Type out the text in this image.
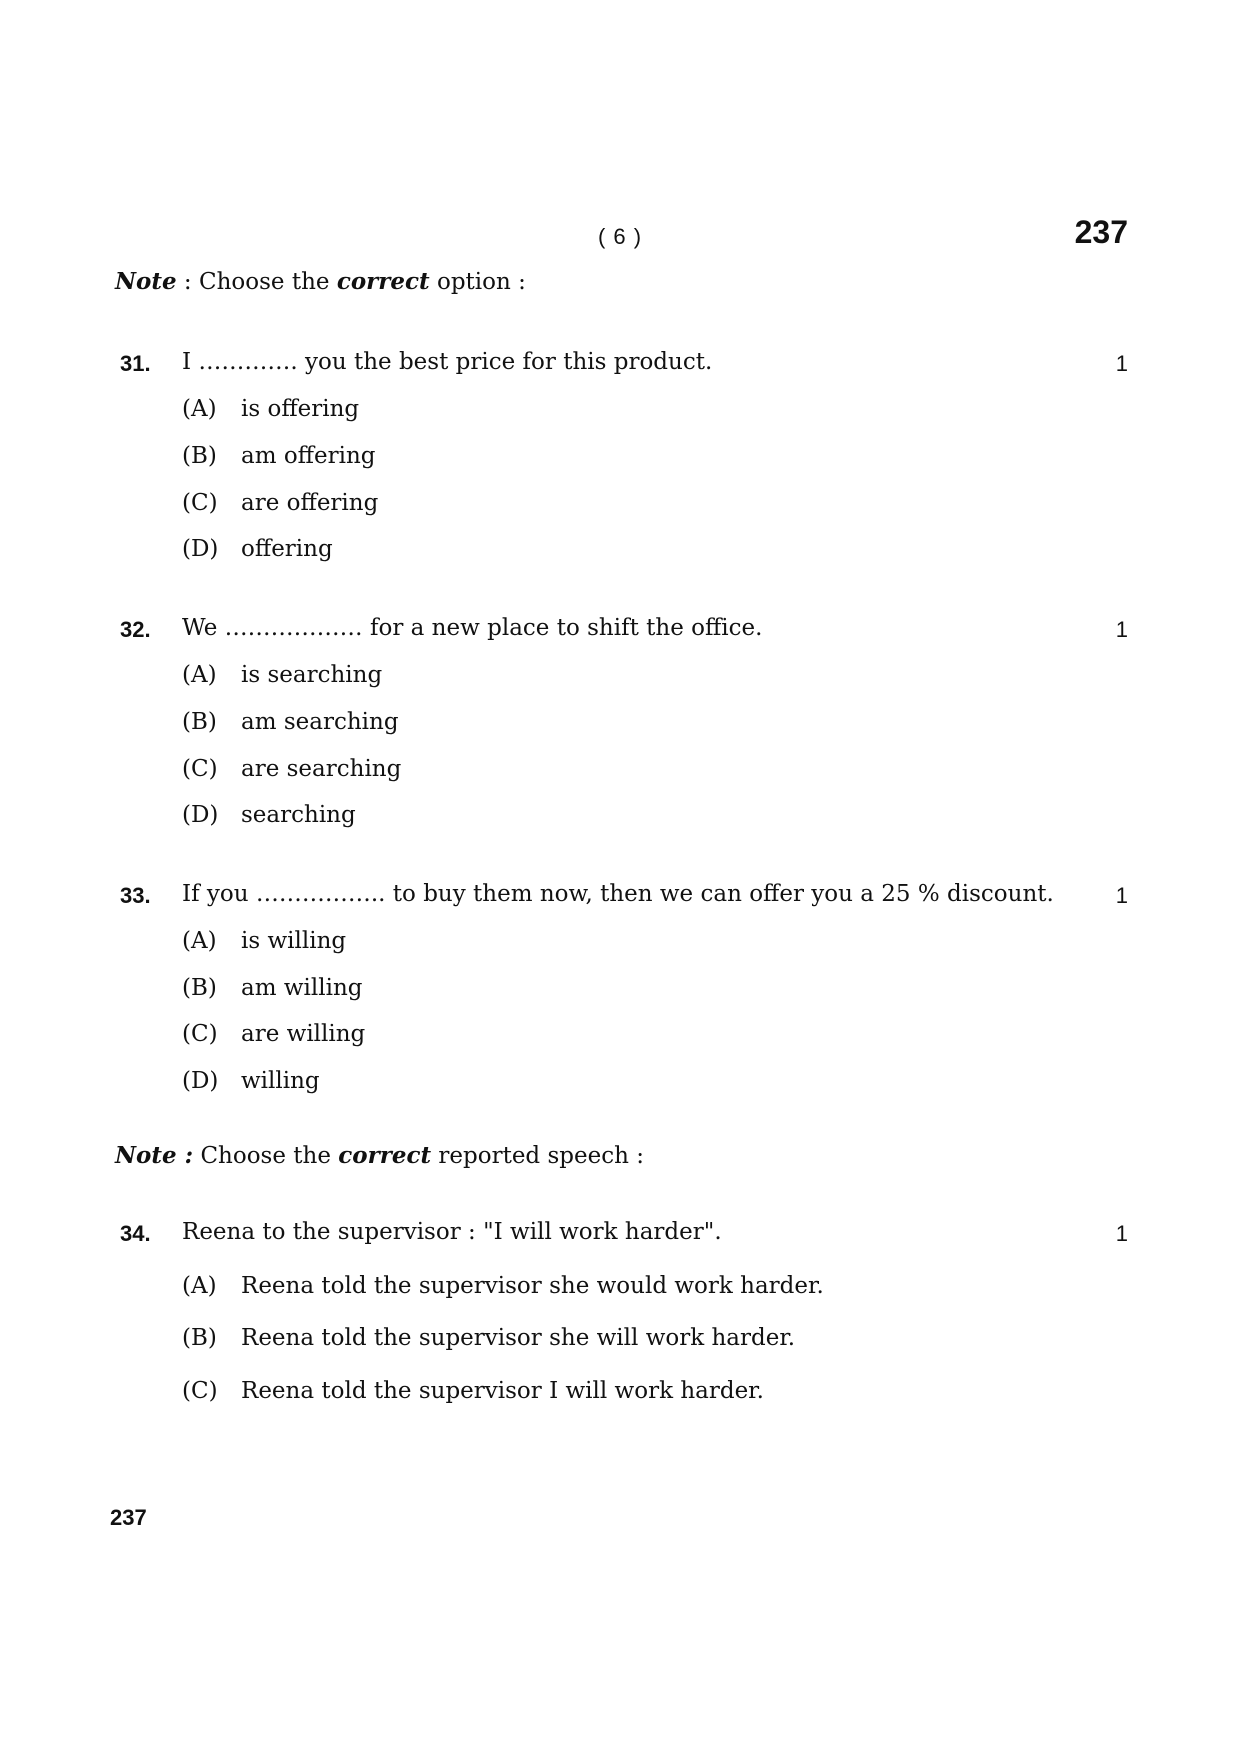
( 6 )	237
Note : Choose the correct option :
31. I …………. you the best price for this product.	1
(A) is offering
(B) am offering
(C) are offering
(D) offering
32. We ……………… for a new place to shift the office.	1
(A) is searching
(B) am searching
(C) are searching
(D) searching
33. If you …………….. to buy them now, then we can offer you a 25 % discount.	1
(A) is willing
(B) am willing
(C) are willing
(D) willing
Note : Choose the correct reported speech :
34. Reena to the supervisor : "I will work harder".	1
(A) Reena told the supervisor she would work harder.
(B) Reena told the supervisor she will work harder.
(C) Reena told the supervisor I will work harder.
237
